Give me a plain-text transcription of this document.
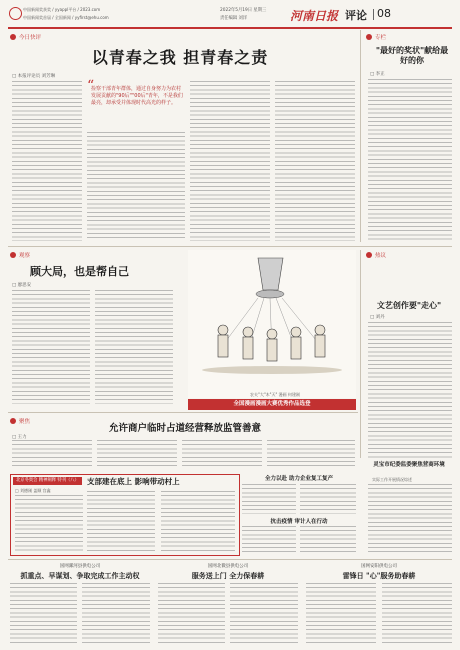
中国新闻奖获奖 / yyappl平台 / 2023.com
中国新闻奖首届 / 全国新闻 / yyfirst@ehu.com
2022年5月19日 星期三
责任编辑 刘洋	河南日报 评论 08
今日快评
以青春之我 担青春之责
□ 本报评论员 刘芳琳
“
捡察干部青年群体，通过自身努力为农村发展贡献的"90后""00后"青年，不是我们最亮，却承受并体现时代高光的样子。
专栏
"最好的奖状"献给最好的你
□ 李正
观察
顾大局，也是帮自己
□ 廖思安
农夫"大"木"天" 漫画 何建刚
全国漫画漫画大赛优秀作品选登
热议
文艺创作要"走心"
□ 刘丹
聚焦
允许商户临时占道经营释放监管善意
□ 王力
北京冬奥会 精神阐释 特刊（八）
□ 刘德刚 盖顺 宫鑫
支部建在底上 影响带动村上	全力以赴 助力企业复工复产
抗击疫情 审计人在行动
灵宝市纪委监委聚焦营商环境
实际工作开展情况综述
国网漯河县供电公司
抓重点、早谋划、争取完成工作主动权
国网北微县供电公司
服务送上门 全力保春耕
国网安阳供电公司
雷锋日 "心"服务助春耕
